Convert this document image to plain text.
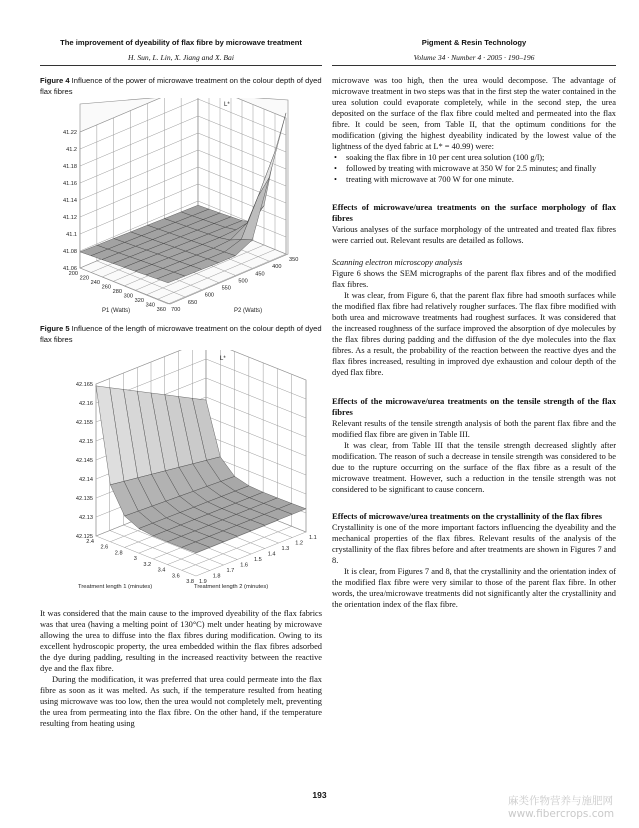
The improvement of dyeability of flax fibre by microwave treatment
H. Sun, L. Lin, X. Jiang and X. Bai
Pigment & Resin Technology
Volume 34 · Number 4 · 2005 · 190–196
Figure 4 Influence of the power of microwave treatment on the colour depth of dyed flax fibres
41.22
41.2
41.18
41.16
41.14
41.12
41.1
41.08
41.06
200
220
240
260
280
300
320
340
360 700
650
600
550
500
450
400
350
L*
P1 (Watts)	P2 (Watts)
Figure 5 Influence of the length of microwave treatment on the colour depth of dyed flax fibres
42.165
42.16
42.155
42.15
42.145
42.14
42.135
42.13
42.125
2.4
2.6
2.8
3
3.2
3.4
3.6
3.8 1.9
1.8
1.7
1.6
1.5
1.4
1.3
1.2
1.1
L*
Treatment length 1 (minutes)	Treatment length 2 (minutes)

It was considered that the main cause to the improved dyeability of the flax fabrics was that urea (having a melting point of 130°C) melt under heating by microwave allowing the urea to diffuse into the flax fibres during modification. Owing to its excellent hydroscopic property, the urea embedded within the flax fibres adsorbed the dye during padding, resulting in the increased reactivity between the reactive dye and the flax fibre.

During the modification, it was preferred that urea could permeate into the flax fibre as soon as it was melted. As such, if the temperature resulted from heating using microwave was too low, then the urea would not completely melt, preventing the urea from permeating into the flax fibre. On the other hand, if the temperature resulting from heating using

microwave was too high, then the urea would decompose. The advantage of microwave treatment in two steps was that in the first step the water contained in the urea solution could evaporate completely, while in the second step, the urea deposited on the surface of the flax fibre could melted and permeated into the flax fibre. It could be seen, from Table II, that the optimum conditions for the modification (giving the highest dyeability indicated by the lowest value of the lightness of the dyed fabric at L* = 40.99) were:

• soaking the flax fibre in 10 per cent urea solution (100 g/l);
• followed by treating with microwave at 350 W for 2.5 minutes; and finally
• treating with microwave at 700 W for one minute.

Effects of microwave/urea treatments on the surface morphology of flax fibres

Various analyses of the surface morphology of the untreated and treated flax fibres were carried out. Relevant results are detailed as follows.

Scanning electron microscopy analysis

Figure 6 shows the SEM micrographs of the parent flax fibres and of the modified flax fibres.

It was clear, from Figure 6, that the parent flax fibre had smooth surfaces while the modified flax fibre had relatively rougher surfaces. The flax fibre modified with both urea and microwave treatments had roughest surfaces. It was considered that the increased roughness of the surface improved the absorption of dye molecules by the flax fibres during padding and the diffusion of the dye molecules into the flax fibres. As a result, the probability of the reaction between the reactive dyes and the flax fibres increased, resulting in improved dye exhaustion and colour depth of the dyed flax fibre.

Effects of the microwave/urea treatments on the tensile strength of the flax fibres

Relevant results of the tensile strength analysis of both the parent flax fibre and the modified flax fibre are given in Table III.

It was clear, from Table III that the tensile strength decreased slightly after modification. The reason of such a decrease in tensile strength was considered to be due to the rupture occurring on the surface of the flax fibre as a result of the microwave treatment. However, such a reduction in the tensile strength was not considered to be significant to cause concern.

Effects of microwave/urea treatments on the crystallinity of the flax fibres

Crystallinity is one of the more important factors influencing the dyeability and the mechanical properties of the flax fibres. Relevant results of the analysis of the crystallinity of the flax fibres before and after treatments are shown in Figures 7 and 8.

It is clear, from Figures 7 and 8, that the crystallinity and the orientation index of the modified flax fibre were very similar to those of the parent flax fibre. In other words, the urea/microwave treatments did not significantly alter the crystallinity and the orientation index of the flax fibre.

193	麻类作物营养与施肥网
www.fibercrops.com
